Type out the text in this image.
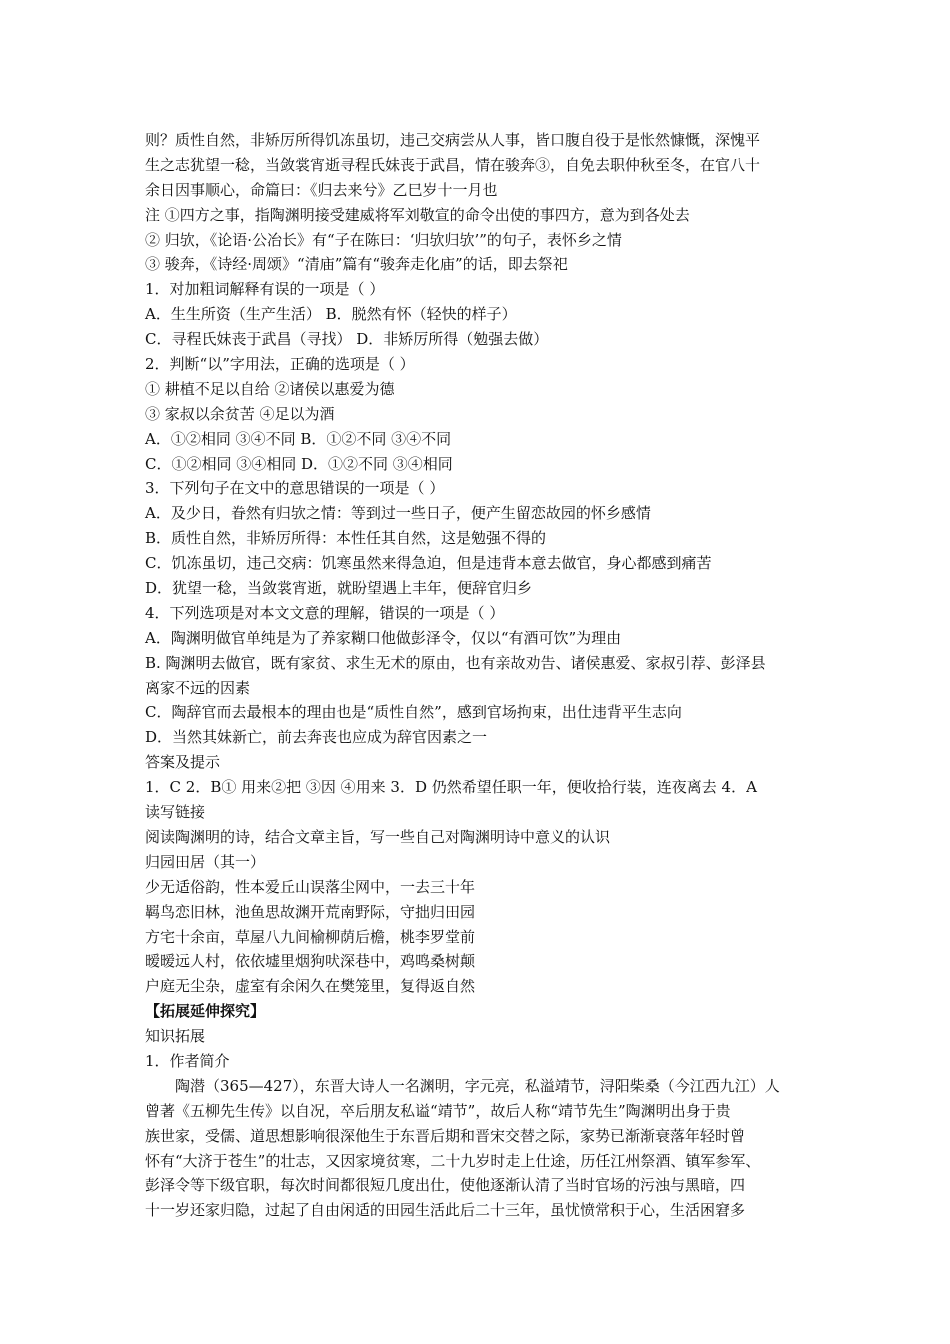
则？质性自然，非矫厉所得饥冻虽切，违己交病尝从人事，皆口腹自役于是怅然慷慨，深愧平
生之志犹望一稔，当敛裳宵逝寻程氏妹丧于武昌，情在骏奔③，自免去职仲秋至冬，在官八十
余日因事顺心，命篇曰：《归去来兮》乙巳岁十一月也
注 ①四方之事，指陶渊明接受建威将军刘敬宣的命令出使的事四方，意为到各处去
② 归欤，《论语·公冶长》有“子在陈曰：‘归欤归欤’”的句子，表怀乡之情
③ 骏奔，《诗经·周颂》“清庙”篇有“骏奔走化庙”的话，即去祭祀
1．对加粗词解释有误的一项是（ ）
A．生生所资（生产生活） B．脱然有怀（轻快的样子）
C．寻程氏妹丧于武昌（寻找） D．非矫厉所得（勉强去做）
2．判断“以”字用法，正确的选项是（ ）
① 耕植不足以自给 ②诸侯以惠爱为德
③ 家叔以余贫苦 ④足以为酒
A．①②相同 ③④不同 B．①②不同 ③④不同
C．①②相同 ③④相同 D．①②不同 ③④相同
3．下列句子在文中的意思错误的一项是（ ）
A．及少日，眷然有归欤之情：等到过一些日子，便产生留恋故园的怀乡感情
B．质性自然，非矫厉所得：本性任其自然，这是勉强不得的
C．饥冻虽切，违己交病：饥寒虽然来得急迫，但是违背本意去做官，身心都感到痛苦
D．犹望一稔，当敛裳宵逝，就盼望遇上丰年，便辞官归乡
4．下列选项是对本文文意的理解，错误的一项是（ ）
A．陶渊明做官单纯是为了养家糊口他做彭泽令，仅以“有酒可饮”为理由
B. 陶渊明去做官，既有家贫、求生无术的原由，也有亲故劝告、诸侯惠爱、家叔引荐、彭泽县
离家不远的因素
C．陶辞官而去最根本的理由也是“质性自然”，感到官场拘束，出仕违背平生志向
D．当然其妹新亡，前去奔丧也应成为辞官因素之一
答案及提示
1．C 2．B① 用来②把 ③因 ④用来 3．D 仍然希望任职一年，便收拾行装，连夜离去 4．A
读写链接
阅读陶渊明的诗，结合文章主旨，写一些自己对陶渊明诗中意义的认识
归园田居（其一）
少无适俗韵，性本爱丘山误落尘网中，一去三十年
羁鸟恋旧林，池鱼思故渊开荒南野际，守拙归田园
方宅十余亩，草屋八九间榆柳荫后檐，桃李罗堂前
暧暧远人村，依依墟里烟狗吠深巷中，鸡鸣桑树颠
户庭无尘杂，虚室有余闲久在樊笼里，复得返自然
【拓展延伸探究】
知识拓展
1．作者简介
陶潜（365—427），东晋大诗人一名渊明，字元亮，私溢靖节，浔阳柴桑（今江西九江）人
曾著《五柳先生传》以自况，卒后朋友私谥“靖节”，故后人称“靖节先生”陶渊明出身于贵
族世家，受儒、道思想影响很深他生于东晋后期和晋宋交替之际，家势已渐渐衰落年轻时曾
怀有“大济于苍生”的壮志，又因家境贫寒，二十九岁时走上仕途，历任江州祭酒、镇军参军、
彭泽令等下级官职，每次时间都很短几度出仕，使他逐渐认清了当时官场的污浊与黑暗，四
十一岁还家归隐，过起了自由闲适的田园生活此后二十三年，虽忧愤常积于心，生活困窘多
